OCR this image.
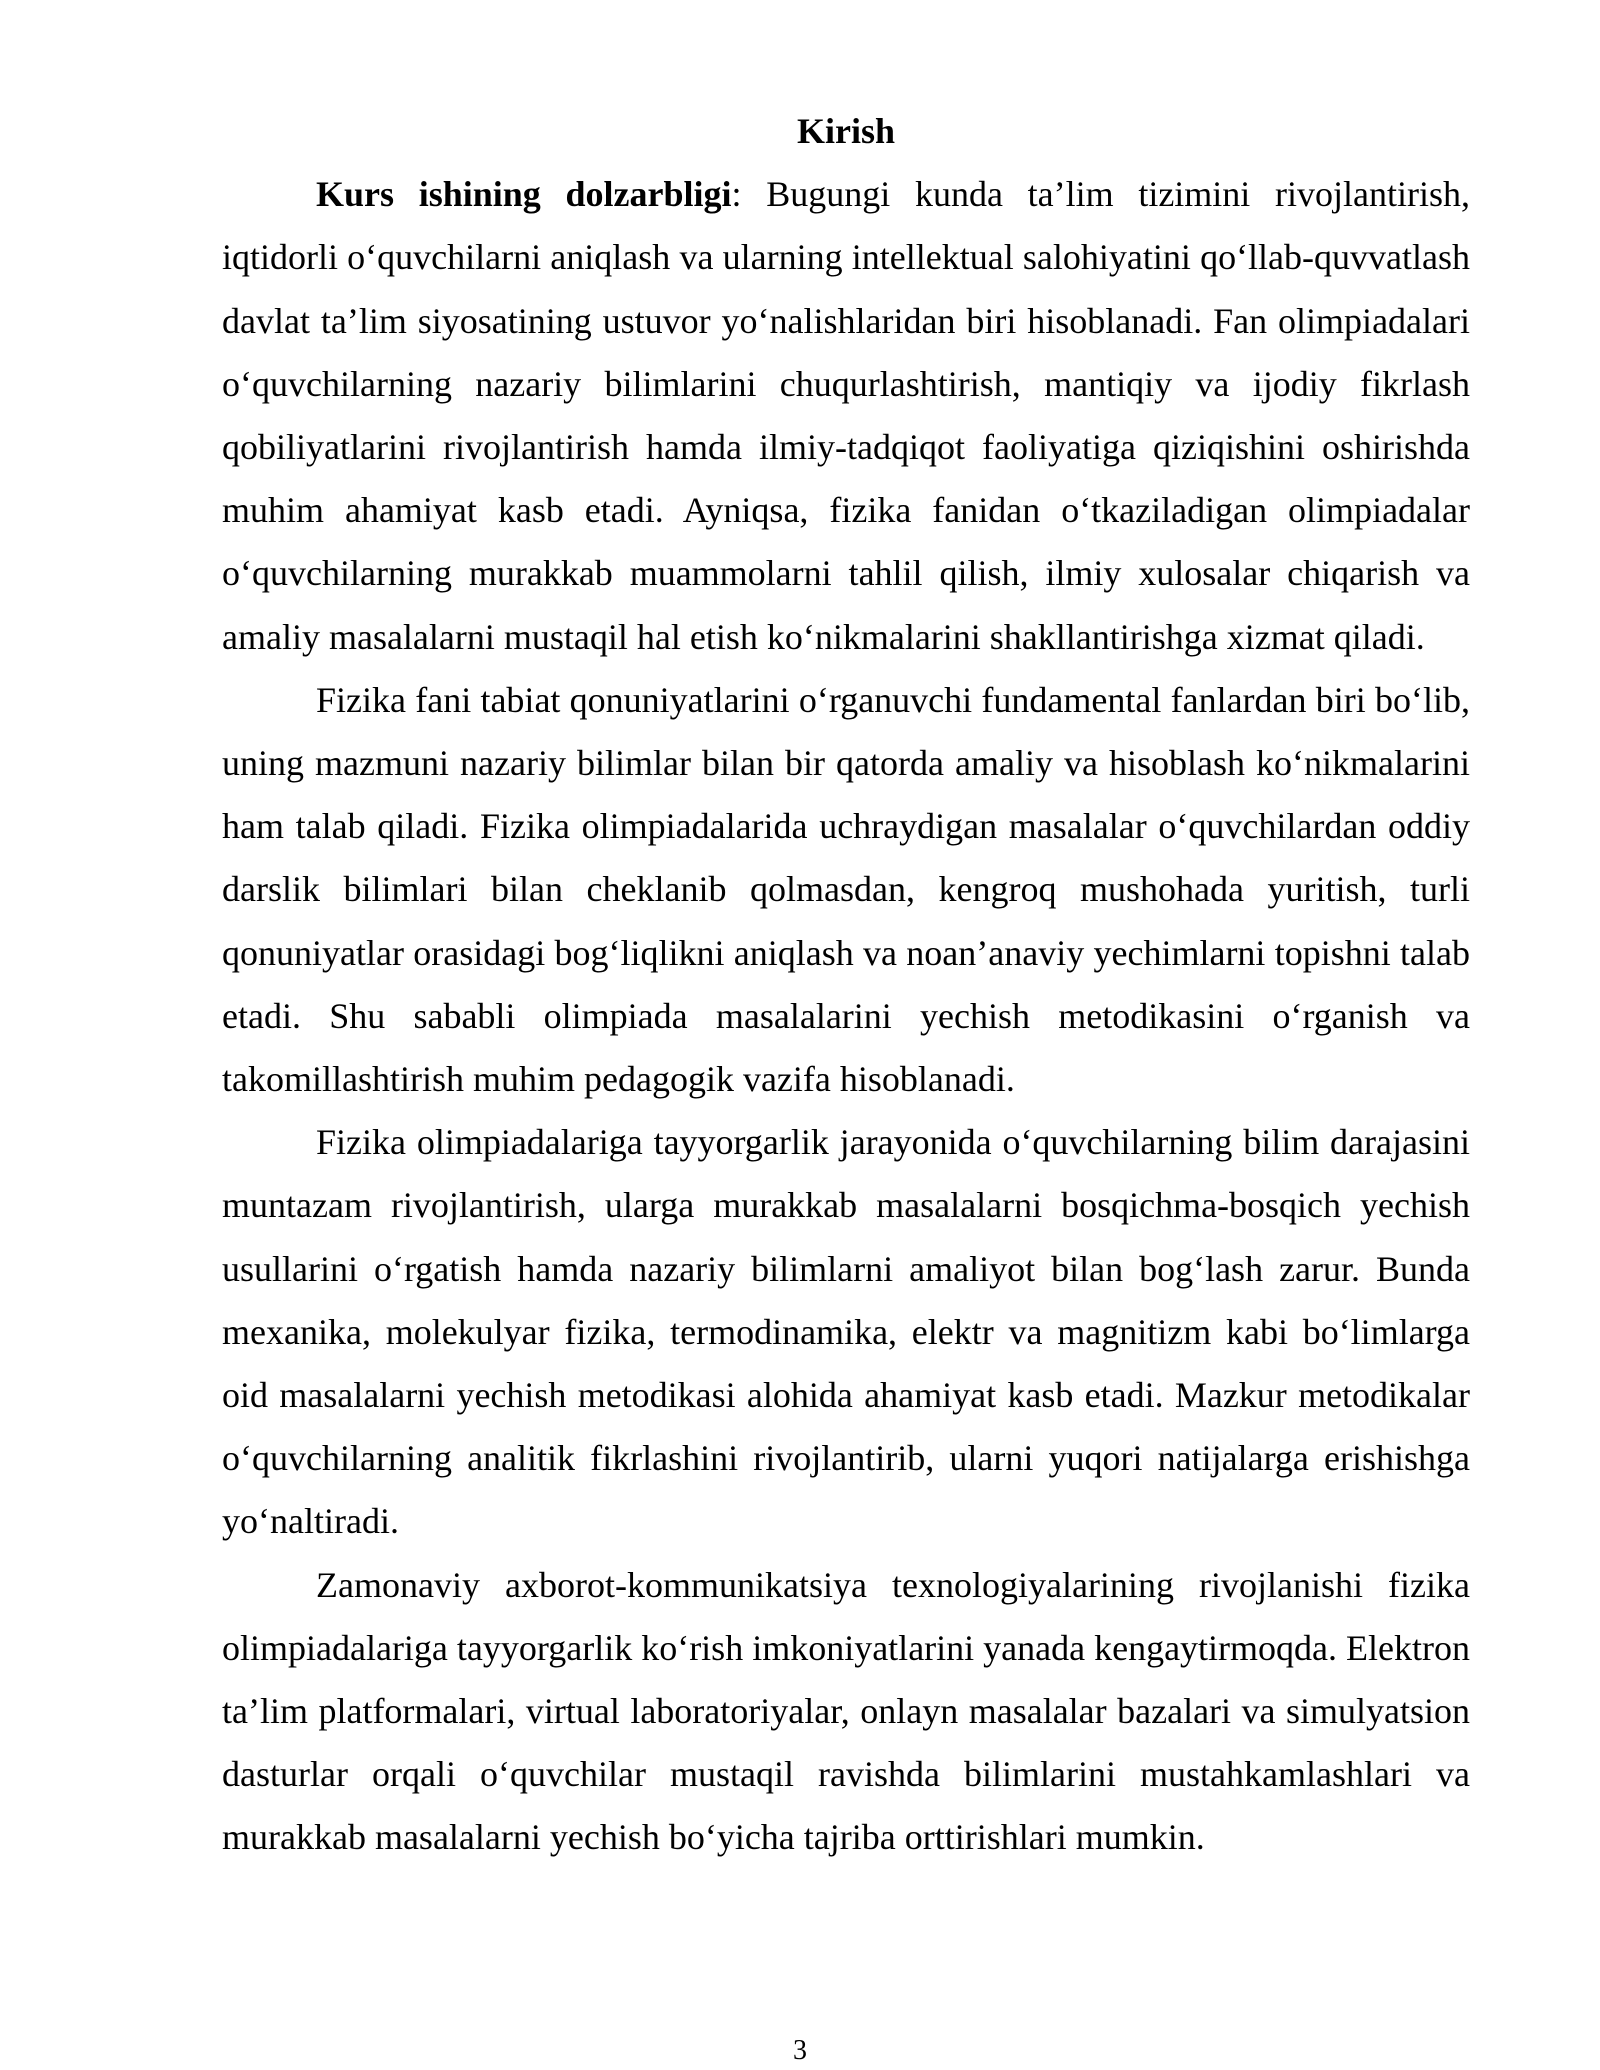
Kirish

Kurs ishining dolzarbligi: Bugungi kunda ta’lim tizimini rivojlantirish, iqtidorli o‘quvchilarni aniqlash va ularning intellektual salohiyatini qo‘llab-quvvatlash davlat ta’lim siyosatining ustuvor yo‘nalishlaridan biri hisoblanadi. Fan olimpiadalari o‘quvchilarning nazariy bilimlarini chuqurlashtirish, mantiqiy va ijodiy fikrlash qobiliyatlarini rivojlantirish hamda ilmiy-tadqiqot faoliyatiga qiziqishini oshirishda muhim ahamiyat kasb etadi. Ayniqsa, fizika fanidan o‘tkaziladigan olimpiadalar o‘quvchilarning murakkab muammolarni tahlil qilish, ilmiy xulosalar chiqarish va amaliy masalalarni mustaqil hal etish ko‘nikmalarini shakllantirishga xizmat qiladi.

Fizika fani tabiat qonuniyatlarini o‘rganuvchi fundamental fanlardan biri bo‘lib, uning mazmuni nazariy bilimlar bilan bir qatorda amaliy va hisoblash ko‘nikmalarini ham talab qiladi. Fizika olimpiadalarida uchraydigan masalalar o‘quvchilardan oddiy darslik bilimlari bilan cheklanib qolmasdan, kengroq mushohada yuritish, turli qonuniyatlar orasidagi bog‘liqlikni aniqlash va noan’anaviy yechimlarni topishni talab etadi. Shu sababli olimpiada masalalarini yechish metodikasini o‘rganish va takomillashtirish muhim pedagogik vazifa hisoblanadi.

Fizika olimpiadalariga tayyorgarlik jarayonida o‘quvchilarning bilim darajasini muntazam rivojlantirish, ularga murakkab masalalarni bosqichma-bosqich yechish usullarini o‘rgatish hamda nazariy bilimlarni amaliyot bilan bog‘lash zarur. Bunda mexanika, molekulyar fizika, termodinamika, elektr va magnitizm kabi bo‘limlarga oid masalalarni yechish metodikasi alohida ahamiyat kasb etadi. Mazkur metodikalar o‘quvchilarning analitik fikrlashini rivojlantirib, ularni yuqori natijalarga erishishga yo‘naltiradi.

Zamonaviy axborot-kommunikatsiya texnologiyalarining rivojlanishi fizika olimpiadalariga tayyorgarlik ko‘rish imkoniyatlarini yanada kengaytirmoqda. Elektron ta’lim platformalari, virtual laboratoriyalar, onlayn masalalar bazalari va simulyatsion dasturlar orqali o‘quvchilar mustaqil ravishda bilimlarini mustahkamlashlari va murakkab masalalarni yechish bo‘yicha tajriba orttirishlari mumkin.

3
